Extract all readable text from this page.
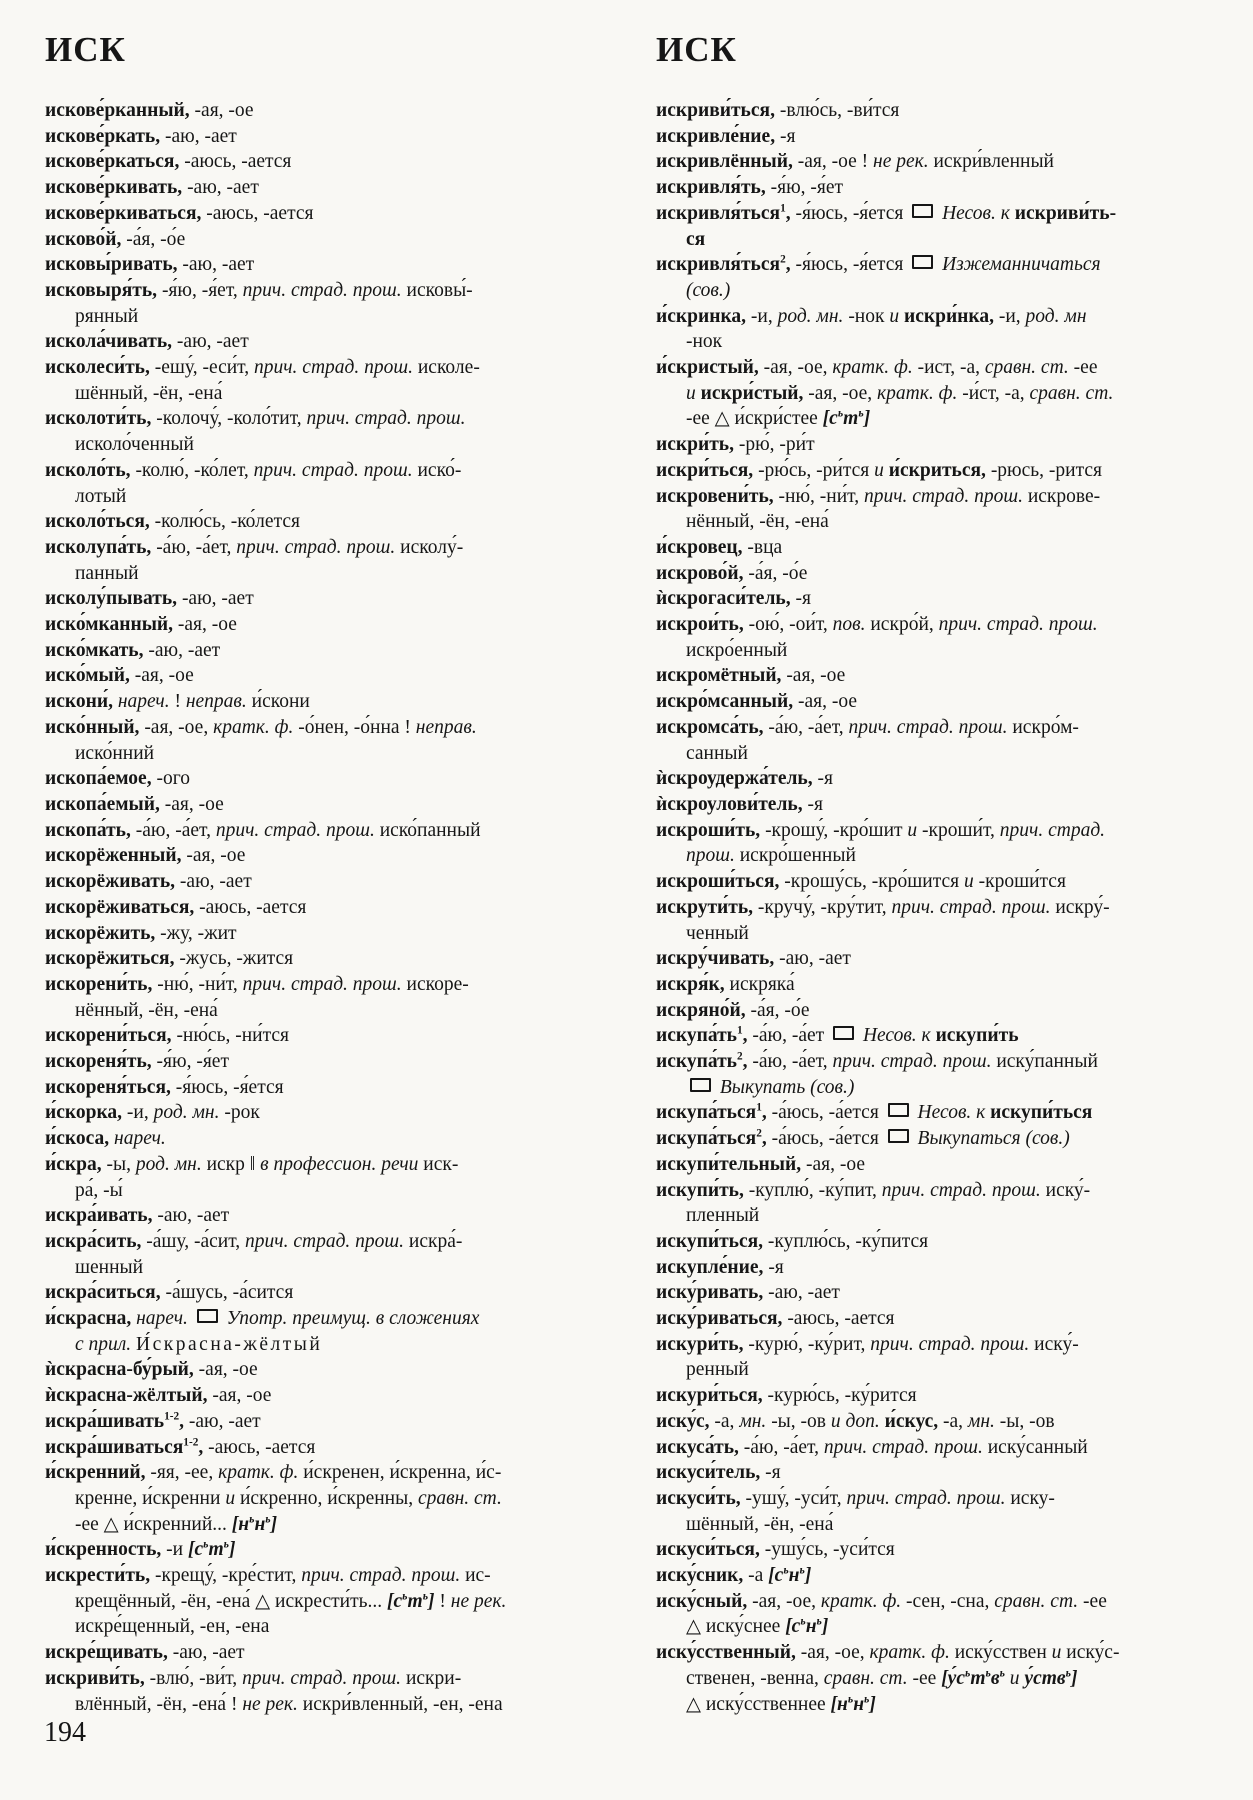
ИСК
искове́рканный, -ая, -ое
искове́ркать, -аю, -ает
искове́ркаться, -аюсь, -ается
искове́ркивать, -аю, -ает
искове́ркиваться, -аюсь, -ается
исково́й, -а́я, -о́е
исковы́ривать, -аю, -ает
исковыря́ть, -я́ю, -я́ет, прич. страд. прош. исковы́-
рянный
искола́чивать, -аю, -ает
исколеси́ть, -ешу́, -еси́т, прич. страд. прош. исколе-
шённый, -ён, -ена́
исколоти́ть, -колочу́, -коло́тит, прич. страд. прош.
исколо́ченный
исколо́ть, -колю́, -ко́лет, прич. страд. прош. иско́-
лотый
исколо́ться, -колю́сь, -ко́лется
исколупа́ть, -а́ю, -а́ет, прич. страд. прош. исколу́-
панный
исколу́пывать, -аю, -ает
иско́мканный, -ая, -ое
иско́мкать, -аю, -ает
иско́мый, -ая, -ое
искони́, нареч. ! неправ. и́скони
иско́нный, -ая, -ое, кратк. ф. -о́нен, -о́нна ! неправ.
иско́нний
ископа́емое, -ого
ископа́емый, -ая, -ое
ископа́ть, -а́ю, -а́ет, прич. страд. прош. иско́панный
искорёженный, -ая, -ое
искорёживать, -аю, -ает
искорёживаться, -аюсь, -ается
искорёжить, -жу, -жит
искорёжиться, -жусь, -жится
искорени́ть, -ню́, -ни́т, прич. страд. прош. искоре-
нённый, -ён, -ена́
искорени́ться, -ню́сь, -ни́тся
искореня́ть, -я́ю, -я́ет
искореня́ться, -я́юсь, -я́ется
и́скорка, -и, род. мн. -рок
и́скоса, нареч.
и́скра, -ы, род. мн. искр ‖ в профессион. речи иск-
ра́, -ы́
искра́ивать, -аю, -ает
искра́сить, -а́шу, -а́сит, прич. страд. прош. искра́-
шенный
искра́ситься, -а́шусь, -а́сится
и́скрасна, нареч.  Употр. преимущ. в сложениях
с прил. И́скрасна-жёлтый
ѝскрасна-бу́рый, -ая, -ое
ѝскрасна-жёлтый, -ая, -ое
искра́шивать$^{1-2}$, -аю, -ает
искра́шиваться$^{1-2}$, -аюсь, -ается
и́скренний, -яя, -ее, кратк. ф. и́скренен, и́скренна, и́с-
кренне, и́скренни и и́скренно, и́скренны, сравн. ст.
-ее △ и́скренний... $[н^ьн^ь]$
и́скренность, -и $[с^ьт^ь]$
искрести́ть, -крещу́, -кре́стит, прич. страд. прош. ис-
крещённый, -ён, -ена́ △ искрести́ть... $[с^ьт^ь]$ ! не рек.
искре́щенный, -ен, -ена
искре́щивать, -аю, -ает
искриви́ть, -влю́, -ви́т, прич. страд. прош. искри-
влённый, -ён, -ена́ ! не рек. искри́вленный, -ен, -ена
ИСК
искриви́ться, -влю́сь, -ви́тся
искривле́ние, -я
искривлённый, -ая, -ое ! не рек. искри́вленный
искривля́ть, -я́ю, -я́ет
искривля́ться$^1$, -я́юсь, -я́ется  Несов. к искриви́ть-
ся
искривля́ться$^2$, -я́юсь, -я́ется  Изжеманничаться
(сов.)
и́скринка, -и, род. мн. -нок и искри́нка, -и, род. мн
-нок
и́скристый, -ая, -ое, кратк. ф. -ист, -а, сравн. ст. -ее
и искри́стый, -ая, -ое, кратк. ф. -и́ст, -а, сравн. ст.
-ее △ и́скри́стее $[с^ьт^ь]$
искри́ть, -рю́, -ри́т
искри́ться, -рю́сь, -ри́тся и и́скриться, -рюсь, -рится
искровени́ть, -ню́, -ни́т, прич. страд. прош. искрове-
нённый, -ён, -ена́
и́скровец, -вца
искрово́й, -а́я, -о́е
ѝскрогаси́тель, -я
искрои́ть, -ою́, -ои́т, пов. искро́й, прич. страд. прош.
искро́енный
искромётный, -ая, -ое
искро́мсанный, -ая, -ое
искромса́ть, -а́ю, -а́ет, прич. страд. прош. искро́м-
санный
ѝскроудержа́тель, -я
ѝскроулови́тель, -я
искроши́ть, -крошу́, -кро́шит и -кроши́т, прич. страд.
прош. искро́шенный
искроши́ться, -крошу́сь, -кро́шится и -кроши́тся
искрути́ть, -кручу́, -кру́тит, прич. страд. прош. искру́-
ченный
искру́чивать, -аю, -ает
искря́к, искряка́
искряно́й, -а́я, -о́е
$искупа́ть^1$, -а́ю, -а́ет  Несов. к искупи́ть
$искупа́ть^2$, -а́ю, -а́ет, прич. страд. прош. иску́панный
Выкупать (сов.)
искупа́ться$^1$, -а́юсь, -а́ется  Несов. к искупи́ться
искупа́ться$^2$, -а́юсь, -а́ется  Выкупаться (сов.)
искупи́тельный, -ая, -ое
искупи́ть, -куплю́, -ку́пит, прич. страд. прош. иску́-
пленный
искупи́ться, -куплю́сь, -ку́пится
искупле́ние, -я
иску́ривать, -аю, -ает
иску́риваться, -аюсь, -ается
искури́ть, -курю́, -ку́рит, прич. страд. прош. иску́-
ренный
искури́ться, -курю́сь, -ку́рится
иску́с, -а, мн. -ы, -ов и доп. и́скус, -а, мн. -ы, -ов
искуса́ть, -а́ю, -а́ет, прич. страд. прош. иску́санный
искуси́тель, -я
искуси́ть, -ушу́, -уси́т, прич. страд. прош. иску-
шённый, -ён, -ена́
искуси́ться, -ушу́сь, -уси́тся
иску́сник, -а $[с^ьн^ь]$
иску́сный, -ая, -ое, кратк. ф. -сен, -сна, сравн. ст. -ее
△ иску́снее $[с^ьн^ь]$
иску́сственный, -ая, -ое, кратк. ф. иску́сствен и иску́с-
ственен, -венна, сравн. ст. -ее [$у́с^ьт^ьв^ь$ и у́ств$^ь$]
△ иску́сственнее $[н^ьн^ь]$
194
